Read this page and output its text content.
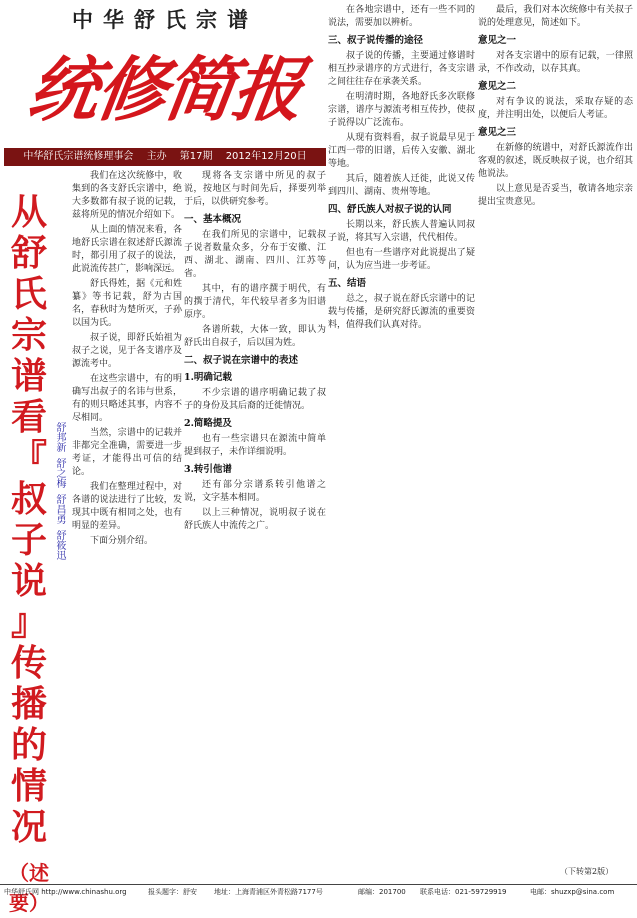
中华舒氏宗谱
统修简报
中华舒氏宗谱统修理事会 主办 第17期 2012年12月20日
从
舒
氏
宗
谱
看
『
叔
子
说
』
传
播
的
情
况
（述要）
舒邦新
舒之梅
舒昌勇
舒筱迅

我们在这次统修中，收集到的各支舒氏宗谱中，绝大多数都有叔子说的记载，兹将所见的情况介绍如下。

从上面的情况来看，各地舒氏宗谱在叙述舒氏源流时，都引用了叔子的说法，此说流传甚广，影响深远。

舒氏得姓，据《元和姓纂》等书记载，舒为古国名，春秋时为楚所灭，子孙以国为氏。

叔子说，即舒氏始祖为叔子之说，见于各支谱序及源流考中。

在这些宗谱中，有的明确写出叔子的名讳与世系，有的则只略述其事，内容不尽相同。

当然，宗谱中的记载并非都完全准确，需要进一步考证，才能得出可信的结论。

我们在整理过程中，对各谱的说法进行了比较，发现其中既有相同之处，也有明显的差异。

下面分别介绍。

现将各支宗谱中所见的叔子说，按地区与时间先后，择要列举于后，以供研究参考。

一、基本概况

在我们所见的宗谱中，记载叔子说者数量众多，分布于安徽、江西、湖北、湖南、四川、江苏等省。

其中，有的谱序撰于明代，有的撰于清代，年代较早者多为旧谱原序。

各谱所载，大体一致，即认为舒氏出自叔子，后以国为姓。

二、叔子说在宗谱中的表述
1.明确记载

不少宗谱的谱序明确记载了叔子的身份及其后裔的迁徙情况。

2.简略提及

也有一些宗谱只在源流中简单提到叔子，未作详细说明。

3.转引他谱

还有部分宗谱系转引他谱之说，文字基本相同。

以上三种情况，说明叔子说在舒氏族人中流传之广。

在各地宗谱中，还有一些不同的说法，需要加以辨析。

三、叔子说传播的途径

叔子说的传播，主要通过修谱时相互抄录谱序的方式进行，各支宗谱之间往往存在承袭关系。

在明清时期，各地舒氏多次联修宗谱，谱序与源流考相互传抄，使叔子说得以广泛流布。

从现有资料看，叔子说最早见于江西一带的旧谱，后传入安徽、湖北等地。

其后，随着族人迁徙，此说又传到四川、湖南、贵州等地。

四、舒氏族人对叔子说的认同

长期以来，舒氏族人普遍认同叔子说，将其写入宗谱，代代相传。

但也有一些谱序对此说提出了疑问，认为应当进一步考证。

五、结语

总之，叔子说在舒氏宗谱中的记载与传播，是研究舒氏源流的重要资料，值得我们认真对待。

最后，我们对本次统修中有关叔子说的处理意见，简述如下。

意见之一

对各支宗谱中的原有记载，一律照录，不作改动，以存其真。

意见之二

对有争议的说法，采取存疑的态度，并注明出处，以便后人考证。

意见之三

在新修的统谱中，对舒氏源流作出客观的叙述，既反映叔子说，也介绍其他说法。

以上意见是否妥当，敬请各地宗亲提出宝贵意见。

（下转第2版）
中华舒氏网 http://www.chinashu.org	报头题字：舒安 地址：上海青浦区外青松路7177号	邮编：201700 联系电话：021-59729919	电邮：shuzxp@sina.com
